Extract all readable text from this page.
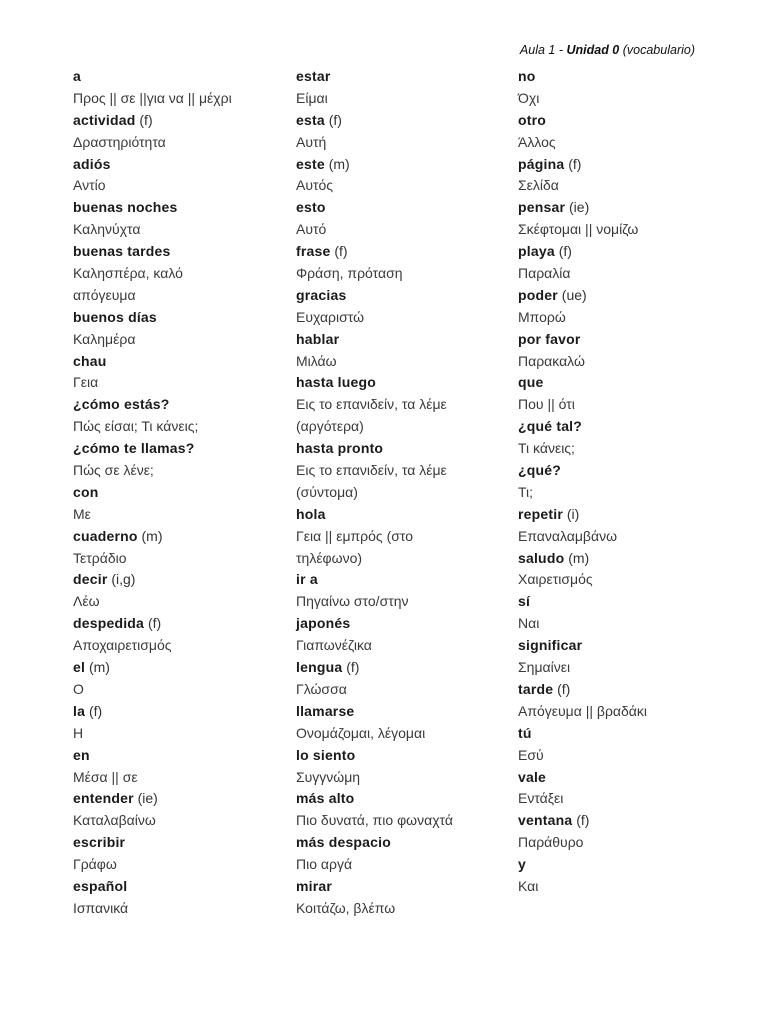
Aula 1 - Unidad 0 (vocabulario)
a
Προς || σε ||για να || μέχρι
actividad (f)
Δραστηριότητα
adiós
Αντίο
buenas noches
Καληνύχτα
buenas tardes
Καλησπέρα, καλό
απόγευμα
buenos días
Καλημέρα
chau
Γεια
¿cómo estás?
Πώς είσαι; Τι κάνεις;
¿cómo te llamas?
Πώς σε λένε;
con
Με
cuaderno (m)
Τετράδιο
decir (i,g)
Λέω
despedida (f)
Αποχαιρετισμός
el (m)
Ο
la (f)
Η
en
Μέσα || σε
entender (ie)
Καταλαβαίνω
escribir
Γράφω
español
Ισπανικά
estar
Είμαι
esta (f)
Αυτή
este (m)
Αυτός
esto
Αυτό
frase (f)
Φράση, πρόταση
gracias
Ευχαριστώ
hablar
Μιλάω
hasta luego
Εις το επανιδείν, τα λέμε
(αργότερα)
hasta pronto
Εις το επανιδείν, τα λέμε
(σύντομα)
hola
Γεια || εμπρός (στο
τηλέφωνο)
ir a
Πηγαίνω στο/στην
japonés
Γιαπωνέζικα
lengua (f)
Γλώσσα
llamarse
Ονομάζομαι, λέγομαι
lo siento
Συγγνώμη
más alto
Πιο δυνατά, πιο φωναχτά
más despacio
Πιο αργά
mirar
Κοιτάζω, βλέπω
no
Όχι
otro
Άλλος
página (f)
Σελίδα
pensar (ie)
Σκέφτομαι || νομίζω
playa (f)
Παραλία
poder (ue)
Μπορώ
por favor
Παρακαλώ
que
Που || ότι
¿qué tal?
Τι κάνεις;
¿qué?
Τι;
repetir (i)
Επαναλαμβάνω
saludo (m)
Χαιρετισμός
sí
Ναι
significar
Σημαίνει
tarde (f)
Απόγευμα || βραδάκι
tú
Εσύ
vale
Εντάξει
ventana (f)
Παράθυρο
y
Και
